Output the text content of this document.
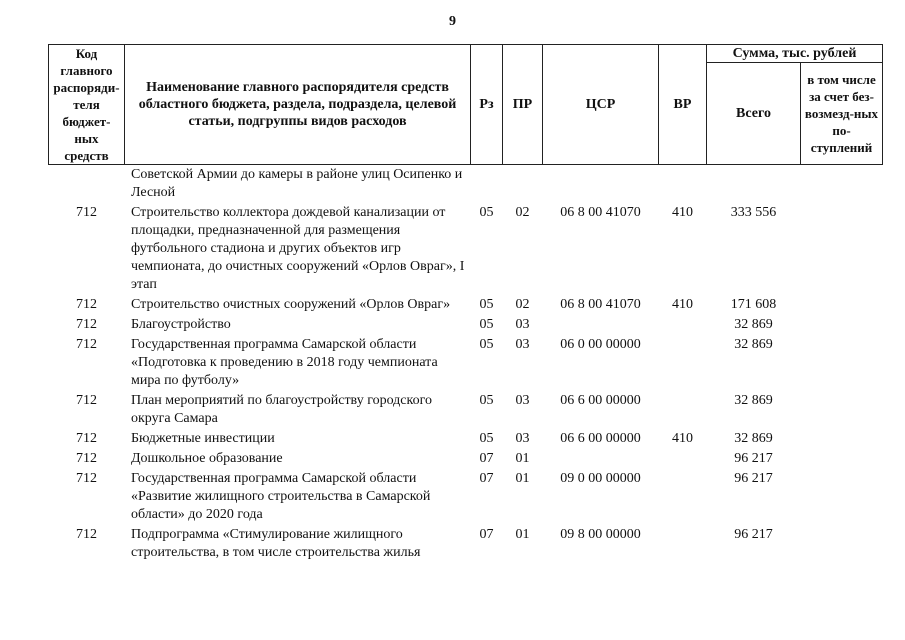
9
Код главного распоряди-теля бюджет-ных средств	Наименование главного распорядителя средств областного бюджета, раздела, подраздела, целевой статьи, подгруппы видов расходов	Рз	ПР	ЦСР	ВР	Сумма, тыс. рублей	
						Всего	в том числе за счет без-возмезд-ных по-ступлений
	Советской Армии до камеры в районе улиц Осипенко и Лесной						
712	Строительство коллектора дождевой канализации от площадки, предназначенной для размещения футбольного стадиона и других объектов игр чемпионата, до очистных сооружений «Орлов Овраг», I этап	05	02	06 8 00 41070	410	333 556	
712	Строительство очистных сооружений «Орлов Овраг»	05	02	06 8 00 41070	410	171 608	
712	Благоустройство	05	03			32 869	
712	Государственная программа Самарской области «Подготовка к проведению в 2018 году чемпионата мира по футболу»	05	03	06 0 00 00000		32 869	
712	План мероприятий по благоустройству городского округа Самара	05	03	06 6 00 00000		32 869	
712	Бюджетные инвестиции	05	03	06 6 00 00000	410	32 869	
712	Дошкольное образование	07	01			96 217	
712	Государственная программа Самарской области «Развитие жилищного строительства в Самарской области» до 2020 года	07	01	09 0 00 00000		96 217	
712	Подпрограмма «Стимулирование жилищного строительства, в том числе строительства жилья	07	01	09 8 00 00000		96 217	
